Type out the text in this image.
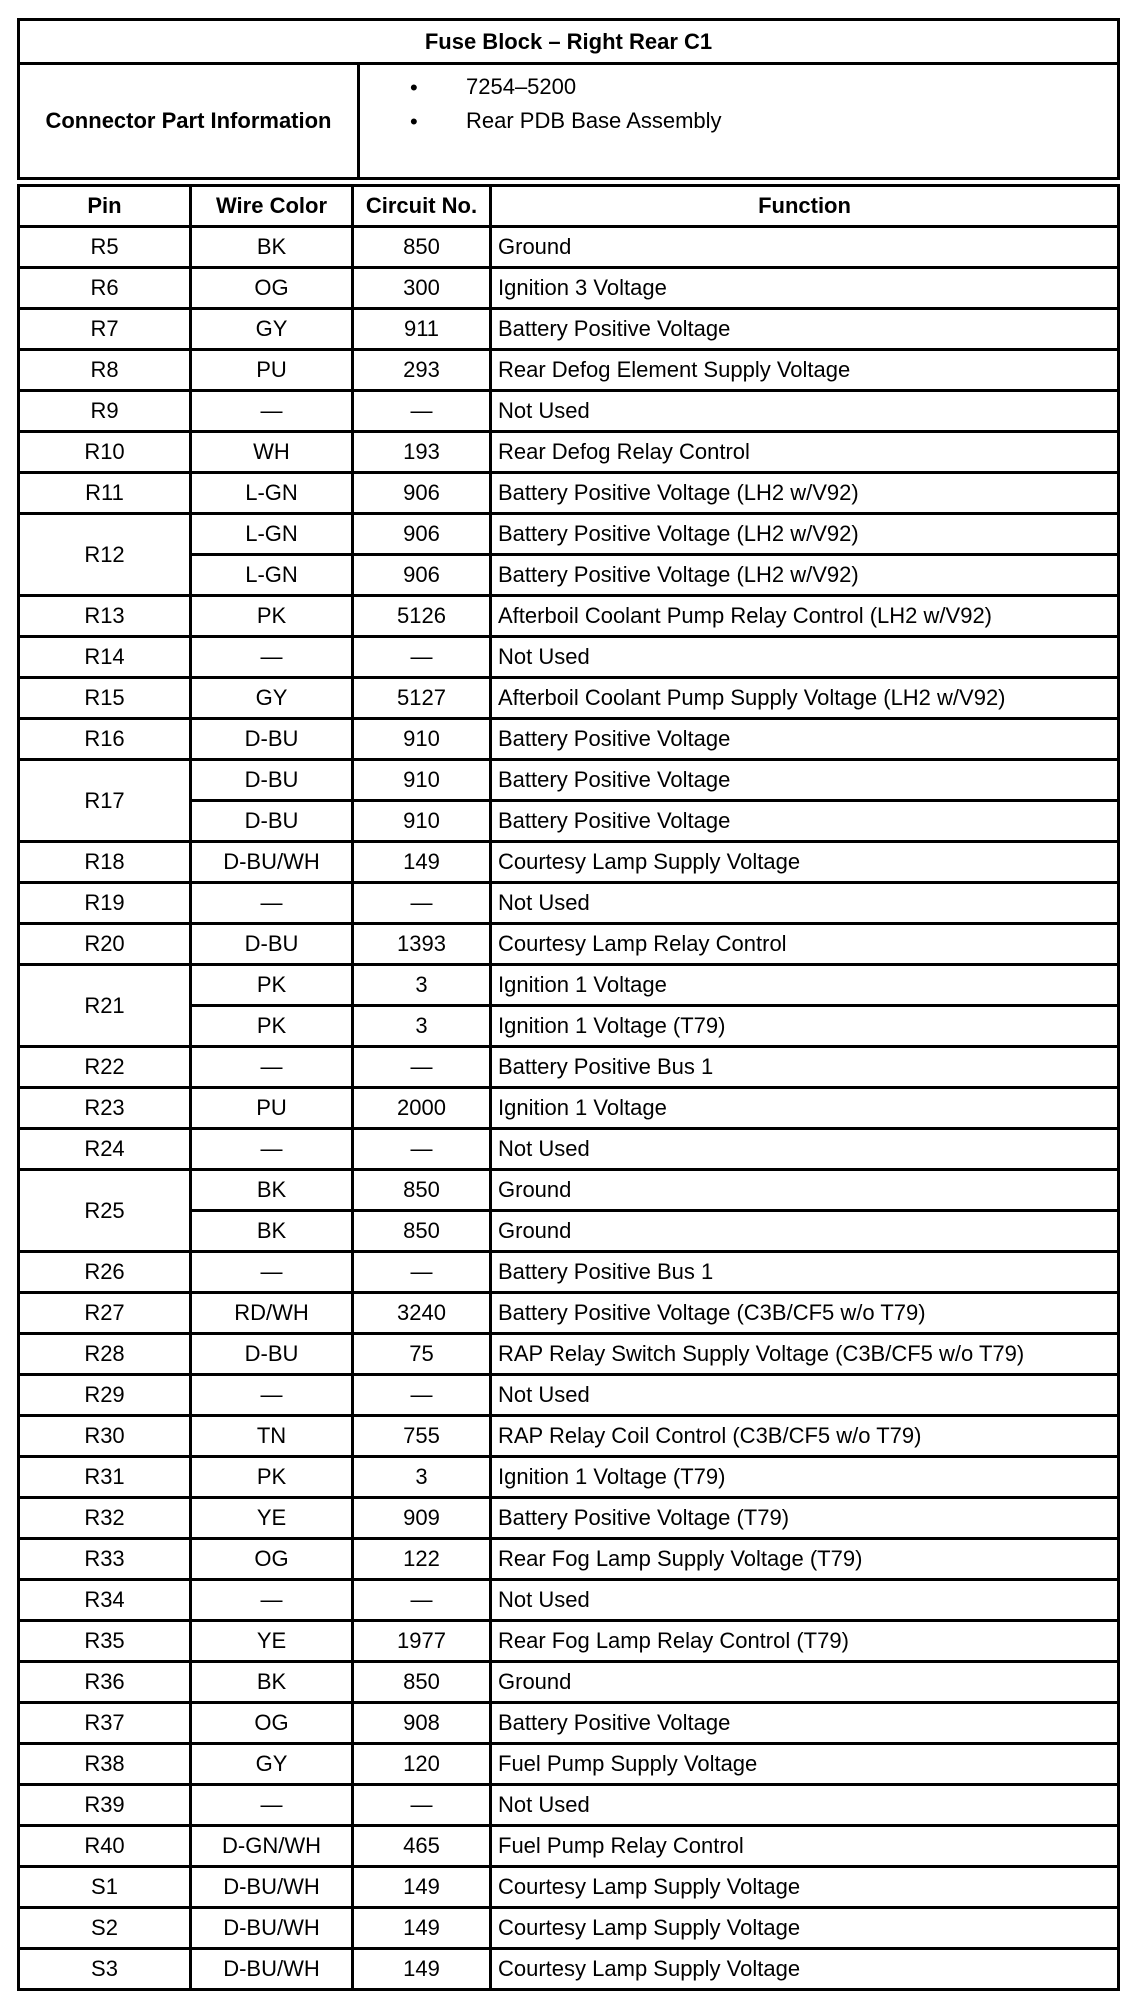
Fuse Block – Right Rear C1
Connector Part Information	
• 7254–5200
• Rear PDB Base Assembly
Pin	Wire Color	Circuit No.	Function
R5	BK	850	Ground
R6	OG	300	Ignition 3 Voltage
R7	GY	911	Battery Positive Voltage
R8	PU	293	Rear Defog Element Supply Voltage
R9	—	—	Not Used
R10	WH	193	Rear Defog Relay Control
R11	L-GN	906	Battery Positive Voltage (LH2 w/V92)
R12	L-GN	906	Battery Positive Voltage (LH2 w/V92)
	L-GN	906	Battery Positive Voltage (LH2 w/V92)
R13	PK	5126	Afterboil Coolant Pump Relay Control (LH2 w/V92)
R14	—	—	Not Used
R15	GY	5127	Afterboil Coolant Pump Supply Voltage (LH2 w/V92)
R16	D-BU	910	Battery Positive Voltage
R17	D-BU	910	Battery Positive Voltage
	D-BU	910	Battery Positive Voltage
R18	D-BU/WH	149	Courtesy Lamp Supply Voltage
R19	—	—	Not Used
R20	D-BU	1393	Courtesy Lamp Relay Control
R21	PK	3	Ignition 1 Voltage
	PK	3	Ignition 1 Voltage (T79)
R22	—	—	Battery Positive Bus 1
R23	PU	2000	Ignition 1 Voltage
R24	—	—	Not Used
R25	BK	850	Ground
	BK	850	Ground
R26	—	—	Battery Positive Bus 1
R27	RD/WH	3240	Battery Positive Voltage (C3B/CF5 w/o T79)
R28	D-BU	75	RAP Relay Switch Supply Voltage (C3B/CF5 w/o T79)
R29	—	—	Not Used
R30	TN	755	RAP Relay Coil Control (C3B/CF5 w/o T79)
R31	PK	3	Ignition 1 Voltage (T79)
R32	YE	909	Battery Positive Voltage (T79)
R33	OG	122	Rear Fog Lamp Supply Voltage (T79)
R34	—	—	Not Used
R35	YE	1977	Rear Fog Lamp Relay Control (T79)
R36	BK	850	Ground
R37	OG	908	Battery Positive Voltage
R38	GY	120	Fuel Pump Supply Voltage
R39	—	—	Not Used
R40	D-GN/WH	465	Fuel Pump Relay Control
S1	D-BU/WH	149	Courtesy Lamp Supply Voltage
S2	D-BU/WH	149	Courtesy Lamp Supply Voltage
S3	D-BU/WH	149	Courtesy Lamp Supply Voltage
